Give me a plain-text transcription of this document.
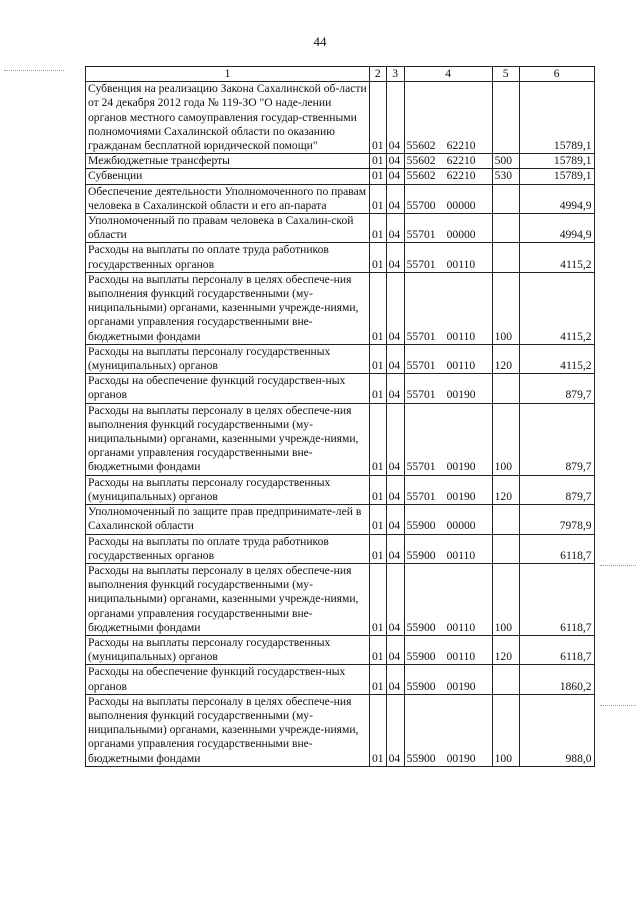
44
1	2	3	4	5	6
Субвенция на реализацию Закона Сахалинской об-ласти от 24 декабря 2012 года № 119-ЗО "О наде-лении органов местного самоуправления государ-ственными полномочиями Сахалинской области по оказанию гражданам бесплатной юридической помощи"	01	04	55602 62210		15789,1
Межбюджетные трансферты	01	04	55602 62210	500	15789,1
Субвенции	01	04	55602 62210	530	15789,1
Обеспечение деятельности Уполномоченного по правам человека в Сахалинской области и его ап-парата	01	04	55700 00000		4994,9
Уполномоченный по правам человека в Сахалин-ской области	01	04	55701 00000		4994,9
Расходы на выплаты по оплате труда работников государственных органов	01	04	55701 00110		4115,2
Расходы на выплаты персоналу в целях обеспече-ния выполнения функций государственными (му-ниципальными) органами, казенными учрежде-ниями, органами управления государственными вне-бюджетными фондами	01	04	55701 00110	100	4115,2
Расходы на выплаты персоналу государственных (муниципальных) органов	01	04	55701 00110	120	4115,2
Расходы на обеспечение функций государствен-ных органов	01	04	55701 00190		879,7
Расходы на выплаты персоналу в целях обеспече-ния выполнения функций государственными (му-ниципальными) органами, казенными учрежде-ниями, органами управления государственными вне-бюджетными фондами	01	04	55701 00190	100	879,7
Расходы на выплаты персоналу государственных (муниципальных) органов	01	04	55701 00190	120	879,7
Уполномоченный по защите прав предпринимате-лей в Сахалинской области	01	04	55900 00000		7978,9
Расходы на выплаты по оплате труда работников государственных органов	01	04	55900 00110		6118,7
Расходы на выплаты персоналу в целях обеспече-ния выполнения функций государственными (му-ниципальными) органами, казенными учрежде-ниями, органами управления государственными вне-бюджетными фондами	01	04	55900 00110	100	6118,7
Расходы на выплаты персоналу государственных (муниципальных) органов	01	04	55900 00110	120	6118,7
Расходы на обеспечение функций государствен-ных органов	01	04	55900 00190		1860,2
Расходы на выплаты персоналу в целях обеспече-ния выполнения функций государственными (му-ниципальными) органами, казенными учрежде-ниями, органами управления государственными вне-бюджетными фондами	01	04	55900 00190	100	988,0
